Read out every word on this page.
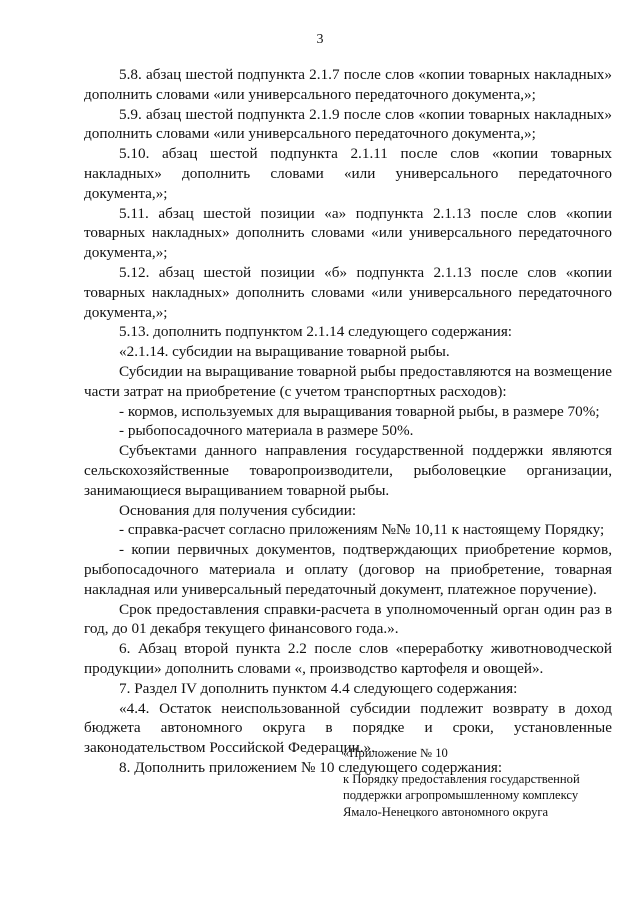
3

5.8. абзац шестой подпункта 2.1.7 после слов «копии товарных накладных» дополнить словами «или универсального передаточного документа,»;

5.9. абзац шестой подпункта 2.1.9 после слов «копии товарных накладных» дополнить словами «или универсального передаточного документа,»;

5.10. абзац шестой подпункта 2.1.11 после слов «копии товарных накладных» дополнить словами «или универсального передаточного документа,»;

5.11. абзац шестой позиции «а» подпункта 2.1.13 после слов «копии товарных накладных» дополнить словами «или универсального передаточного документа,»;

5.12. абзац шестой позиции «б» подпункта 2.1.13 после слов «копии товарных накладных» дополнить словами «или универсального передаточного документа,»;

5.13. дополнить подпунктом 2.1.14 следующего содержания:

«2.1.14. субсидии на выращивание товарной рыбы.

Субсидии на выращивание товарной рыбы предоставляются на возмещение части затрат на приобретение (с учетом транспортных расходов):

- кормов, используемых для выращивания товарной рыбы, в размере 70%;

- рыбопосадочного материала в размере 50%.

Субъектами данного направления государственной поддержки являются сельскохозяйственные товаропроизводители, рыболовецкие организации, занимающиеся выращиванием товарной рыбы.

Основания для получения субсидии:

- справка-расчет согласно приложениям №№ 10,11 к настоящему Порядку;

- копии первичных документов, подтверждающих приобретение кормов, рыбопосадочного материала и оплату (договор на приобретение, товарная накладная или универсальный передаточный документ, платежное поручение).

Срок предоставления справки-расчета в уполномоченный орган один раз в год, до 01 декабря текущего финансового года.».

6. Абзац второй пункта 2.2 после слов «переработку животноводческой продукции» дополнить словами «, производство картофеля и овощей».

7. Раздел IV дополнить пунктом 4.4 следующего содержания:

«4.4. Остаток неиспользованной субсидии подлежит возврату в доход бюджета автономного округа в порядке и сроки, установленные законодательством Российской Федерации.».

8. Дополнить приложением № 10 следующего содержания:

«Приложение № 10
к Порядку предоставления государственной
поддержки агропромышленному комплексу
Ямало-Ненецкого автономного округа
